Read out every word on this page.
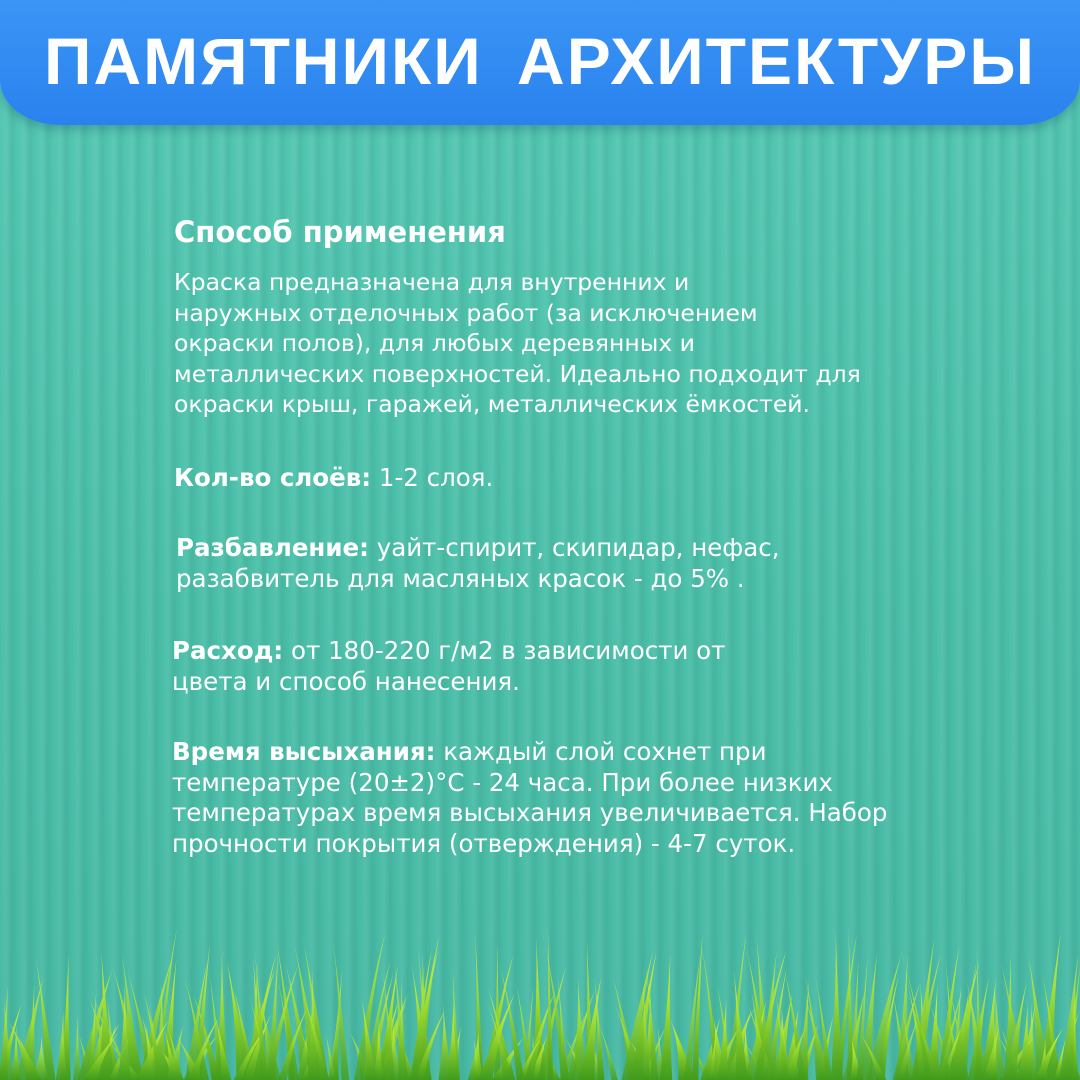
ПАМЯТНИКИ АРХИТЕКТУРЫ
Способ применения
Краска предназначена для внутренних и
наружных отделочных работ (за исключением
окраски полов), для любых деревянных и
металлических поверхностей. Идеально подходит для
окраски крыш, гаражей, металлических ёмкостей.
Кол-во слоёв: 1-2 слоя.
Разбавление: уайт-спирит, скипидар, нефас,
разабвитель для масляных красок - до 5% .
Расход: от 180-220 г/м2 в зависимости от
цвета и способ нанесения.
Время высыхания: каждый слой сохнет при
температуре (20±2)°С - 24 часа. При более низких
температурах время высыхания увеличивается. Набор
прочности покрытия (отверждения) - 4-7 суток.
